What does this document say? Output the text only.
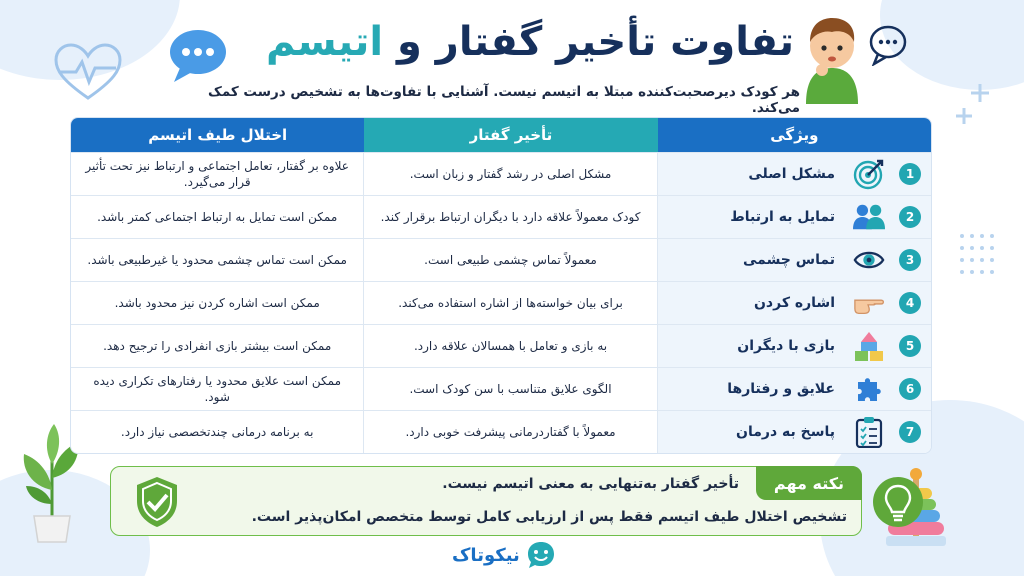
تفاوت تأخیر گفتار و اتیسم

هر کودک دیرصحبت‌کننده مبتلا به اتیسم نیست. آشنایی با تفاوت‌ها به تشخیص درست کمک می‌کند.

ویژگی
تأخیر گفتار
اختلال طیف اتیسم
1
مشکل اصلی
مشکل اصلی در رشد گفتار و زبان است.
علاوه بر گفتار، تعامل اجتماعی و ارتباط نیز تحت تأثیر قرار می‌گیرد.
2
تمایل به ارتباط
کودک معمولاً علاقه دارد با دیگران ارتباط برقرار کند.
ممکن است تمایل به ارتباط اجتماعی کمتر باشد.
3
تماس چشمی
معمولاً تماس چشمی طبیعی است.
ممکن است تماس چشمی محدود یا غیرطبیعی باشد.
4
اشاره کردن
برای بیان خواسته‌ها از اشاره استفاده می‌کند.
ممکن است اشاره کردن نیز محدود باشد.
5
بازی با دیگران
به بازی و تعامل با همسالان علاقه دارد.
ممکن است بیشتر بازی انفرادی را ترجیح دهد.
6
علایق و رفتارها
الگوی علایق متناسب با سن کودک است.
ممکن است علایق محدود یا رفتارهای تکراری دیده شود.
7
پاسخ به درمان
معمولاً با گفتاردرمانی پیشرفت خوبی دارد.
به برنامه درمانی چندتخصصی نیاز دارد.
نکته مهم
تأخیر گفتار به‌تنهایی به معنی اتیسم نیست.
تشخیص اختلال طیف اتیسم فقط پس از ارزیابی کامل توسط متخصص امکان‌پذیر است.
نیکوتاک
